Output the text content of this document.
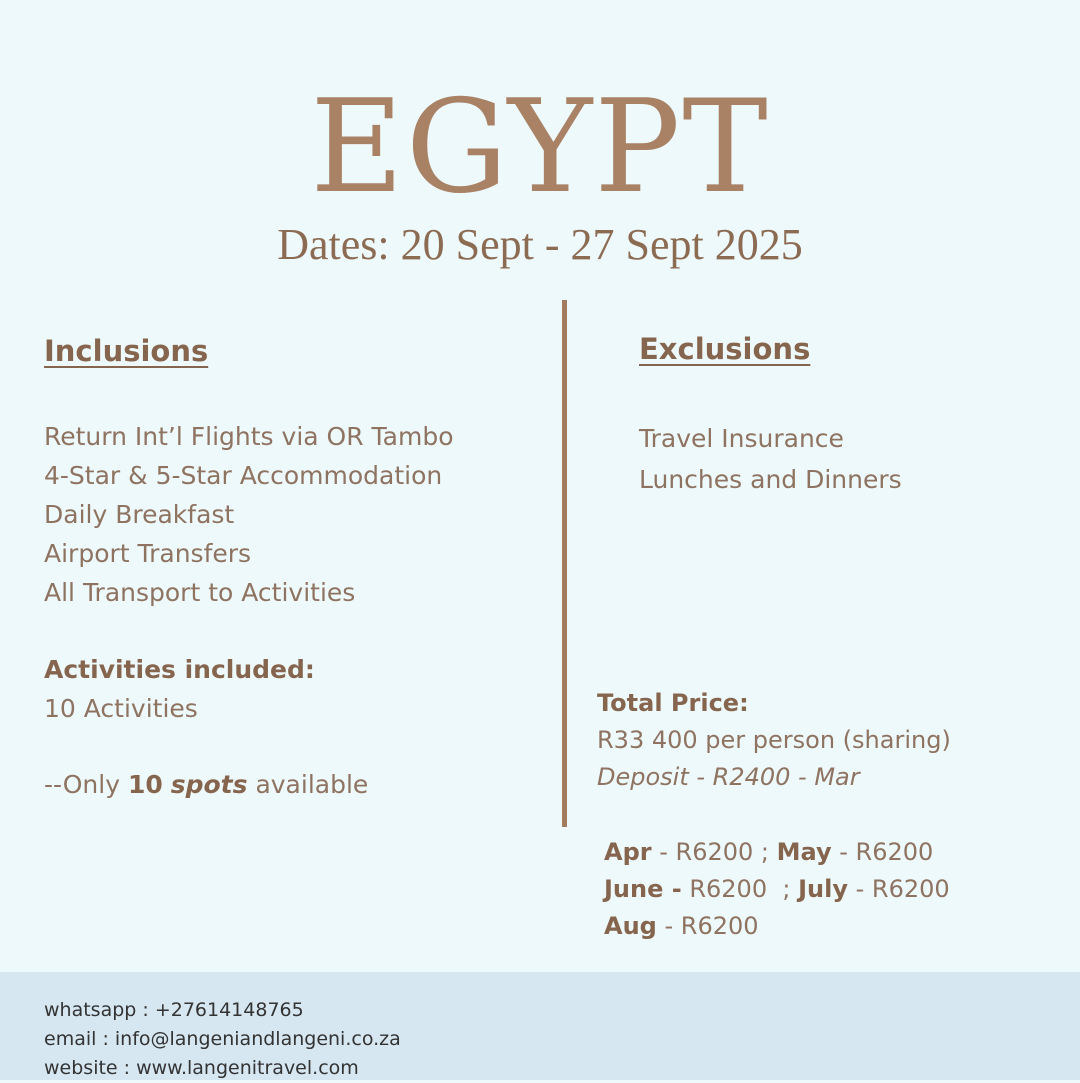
EGYPT
Dates: 20 Sept - 27 Sept 2025
Inclusions
Return Int’l Flights via OR Tambo
4-Star & 5-Star Accommodation
Daily Breakfast
Airport Transfers
All Transport to Activities
Activities included:
10 Activities
--Only 10 spots available
Exclusions
Travel Insurance
Lunches and Dinners
Total Price:
R33 400 per person (sharing)
Deposit - R2400 - Mar
Apr - R6200 ; May - R6200
June - R6200  ; July - R6200
Aug - R6200
whatsapp : +27614148765
email : info@langeniandlangeni.co.za
website : www.langenitravel.com
